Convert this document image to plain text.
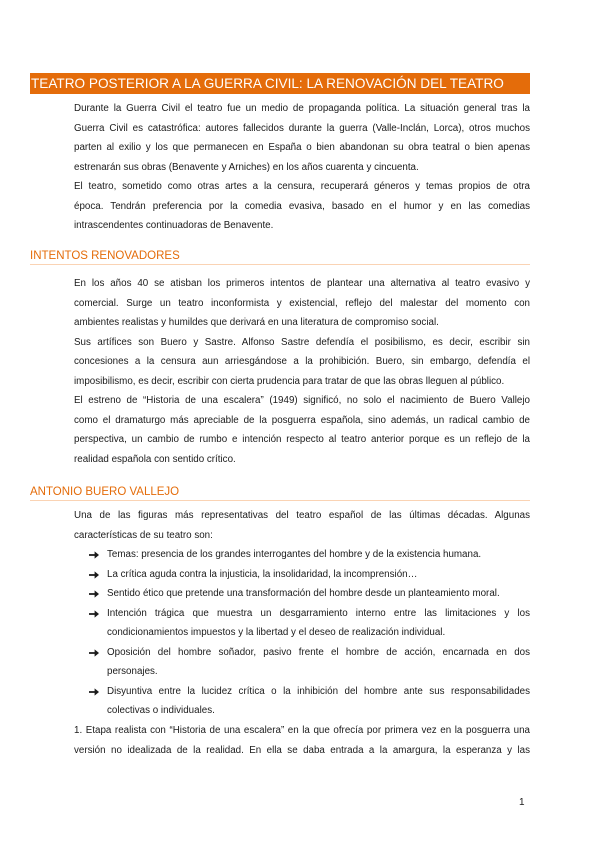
TEATRO POSTERIOR A LA GUERRA CIVIL: LA RENOVACIÓN DEL TEATRO
Durante la Guerra Civil el teatro fue un medio de propaganda política. La situación general tras la
Guerra Civil es catastrófica: autores fallecidos durante la guerra (Valle-Inclán, Lorca), otros muchos
parten al exilio y los que permanecen en España o bien abandonan su obra teatral o bien apenas
estrenarán sus obras (Benavente y Arniches) en los años cuarenta y cincuenta.
El teatro, sometido como otras artes a la censura, recuperará géneros y temas propios de otra
época. Tendrán preferencia por la comedia evasiva, basado en el humor y en las comedias
intrascendentes continuadoras de Benavente.
INTENTOS RENOVADORES
En los años 40 se atisban los primeros intentos de plantear una alternativa al teatro evasivo y
comercial. Surge un teatro inconformista y existencial, reflejo del malestar del momento con
ambientes realistas y humildes que derivará en una literatura de compromiso social.
Sus artífices son Buero y Sastre. Alfonso Sastre defendía el posibilismo, es decir, escribir sin
concesiones a la censura aun arriesgándose a la prohibición. Buero, sin embargo, defendía el
imposibilismo, es decir, escribir con cierta prudencia para tratar de que las obras lleguen al público.
El estreno de “Historia de una escalera” (1949) significó, no solo el nacimiento de Buero Vallejo
como el dramaturgo más apreciable de la posguerra española, sino además, un radical cambio de
perspectiva, un cambio de rumbo e intención respecto al teatro anterior porque es un reflejo de la
realidad española con sentido crítico.
ANTONIO BUERO VALLEJO
Una de las figuras más representativas del teatro español de las últimas décadas. Algunas
características de su teatro son:
Temas: presencia de los grandes interrogantes del hombre y de la existencia humana.
La crítica aguda contra la injusticia, la insolidaridad, la incomprensión…
Sentido ético que pretende una transformación del hombre desde un planteamiento moral.
Intención trágica que muestra un desgarramiento interno entre las limitaciones y los
condicionamientos impuestos y la libertad y el deseo de realización individual.
Oposición del hombre soñador, pasivo frente el hombre de acción, encarnada en dos
personajes.
Disyuntiva entre la lucidez crítica o la inhibición del hombre ante sus responsabilidades
colectivas o individuales.
1. Etapa realista con “Historia de una escalera” en la que ofrecía por primera vez en la posguerra una
versión no idealizada de la realidad. En ella se daba entrada a la amargura, la esperanza y las
1
